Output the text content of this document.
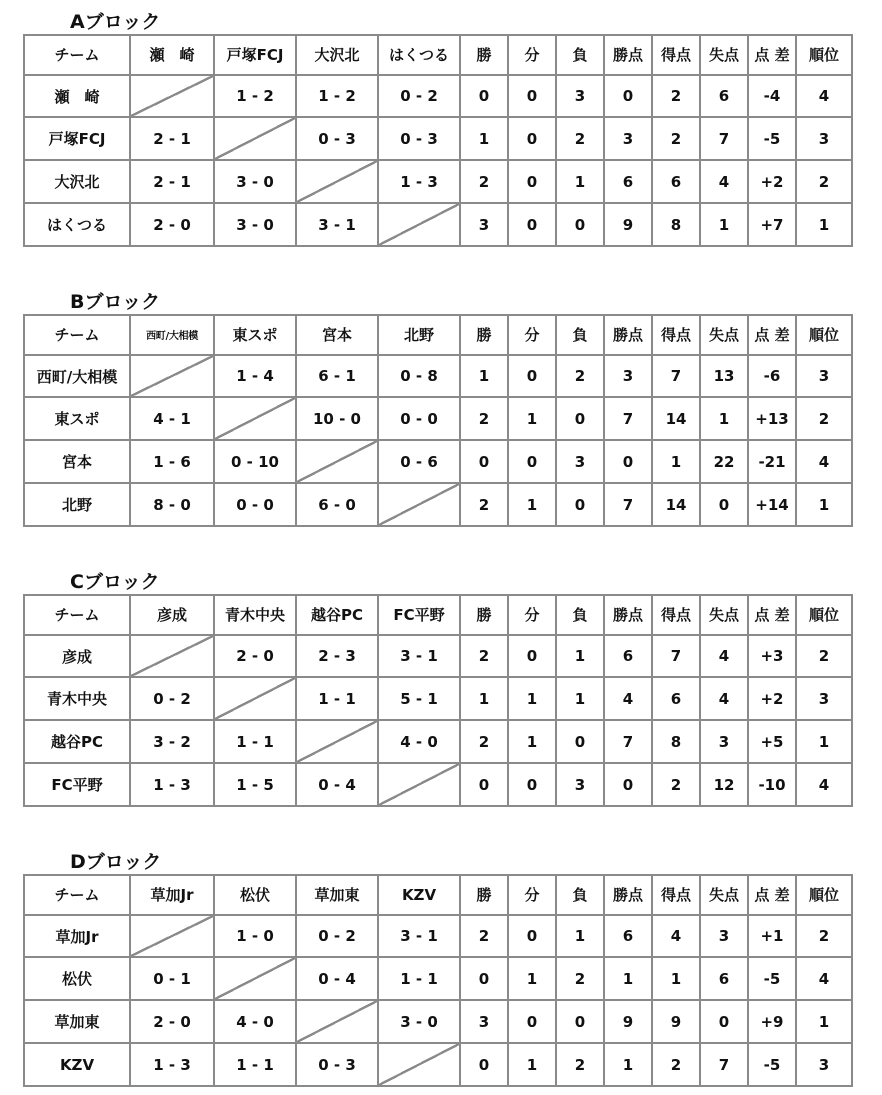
Aブロック
チーム	瀬　崎	戸塚FCJ	大沢北	はくつる	勝	分	負	勝点	得点	失点	点 差	順位
瀬　崎		1 - 2	1 - 2	0 - 2	0	0	3	0	2	6	-4	4
戸塚FCJ	2 - 1		0 - 3	0 - 3	1	0	2	3	2	7	-5	3
大沢北	2 - 1	3 - 0		1 - 3	2	0	1	6	6	4	+2	2
はくつる	2 - 0	3 - 0	3 - 1		3	0	0	9	8	1	+7	1
Bブロック
チーム	西町/大相模	東スポ	宮本	北野	勝	分	負	勝点	得点	失点	点 差	順位
西町/大相模		1 - 4	6 - 1	0 - 8	1	0	2	3	7	13	-6	3
東スポ	4 - 1		10 - 0	0 - 0	2	1	0	7	14	1	+13	2
宮本	1 - 6	0 - 10		0 - 6	0	0	3	0	1	22	-21	4
北野	8 - 0	0 - 0	6 - 0		2	1	0	7	14	0	+14	1
Cブロック
チーム	彦成	青木中央	越谷PC	FC平野	勝	分	負	勝点	得点	失点	点 差	順位
彦成		2 - 0	2 - 3	3 - 1	2	0	1	6	7	4	+3	2
青木中央	0 - 2		1 - 1	5 - 1	1	1	1	4	6	4	+2	3
越谷PC	3 - 2	1 - 1		4 - 0	2	1	0	7	8	3	+5	1
FC平野	1 - 3	1 - 5	0 - 4		0	0	3	0	2	12	-10	4
Dブロック
チーム	草加Jr	松伏	草加東	KZV	勝	分	負	勝点	得点	失点	点 差	順位
草加Jr		1 - 0	0 - 2	3 - 1	2	0	1	6	4	3	+1	2
松伏	0 - 1		0 - 4	1 - 1	0	1	2	1	1	6	-5	4
草加東	2 - 0	4 - 0		3 - 0	3	0	0	9	9	0	+9	1
KZV	1 - 3	1 - 1	0 - 3		0	1	2	1	2	7	-5	3
